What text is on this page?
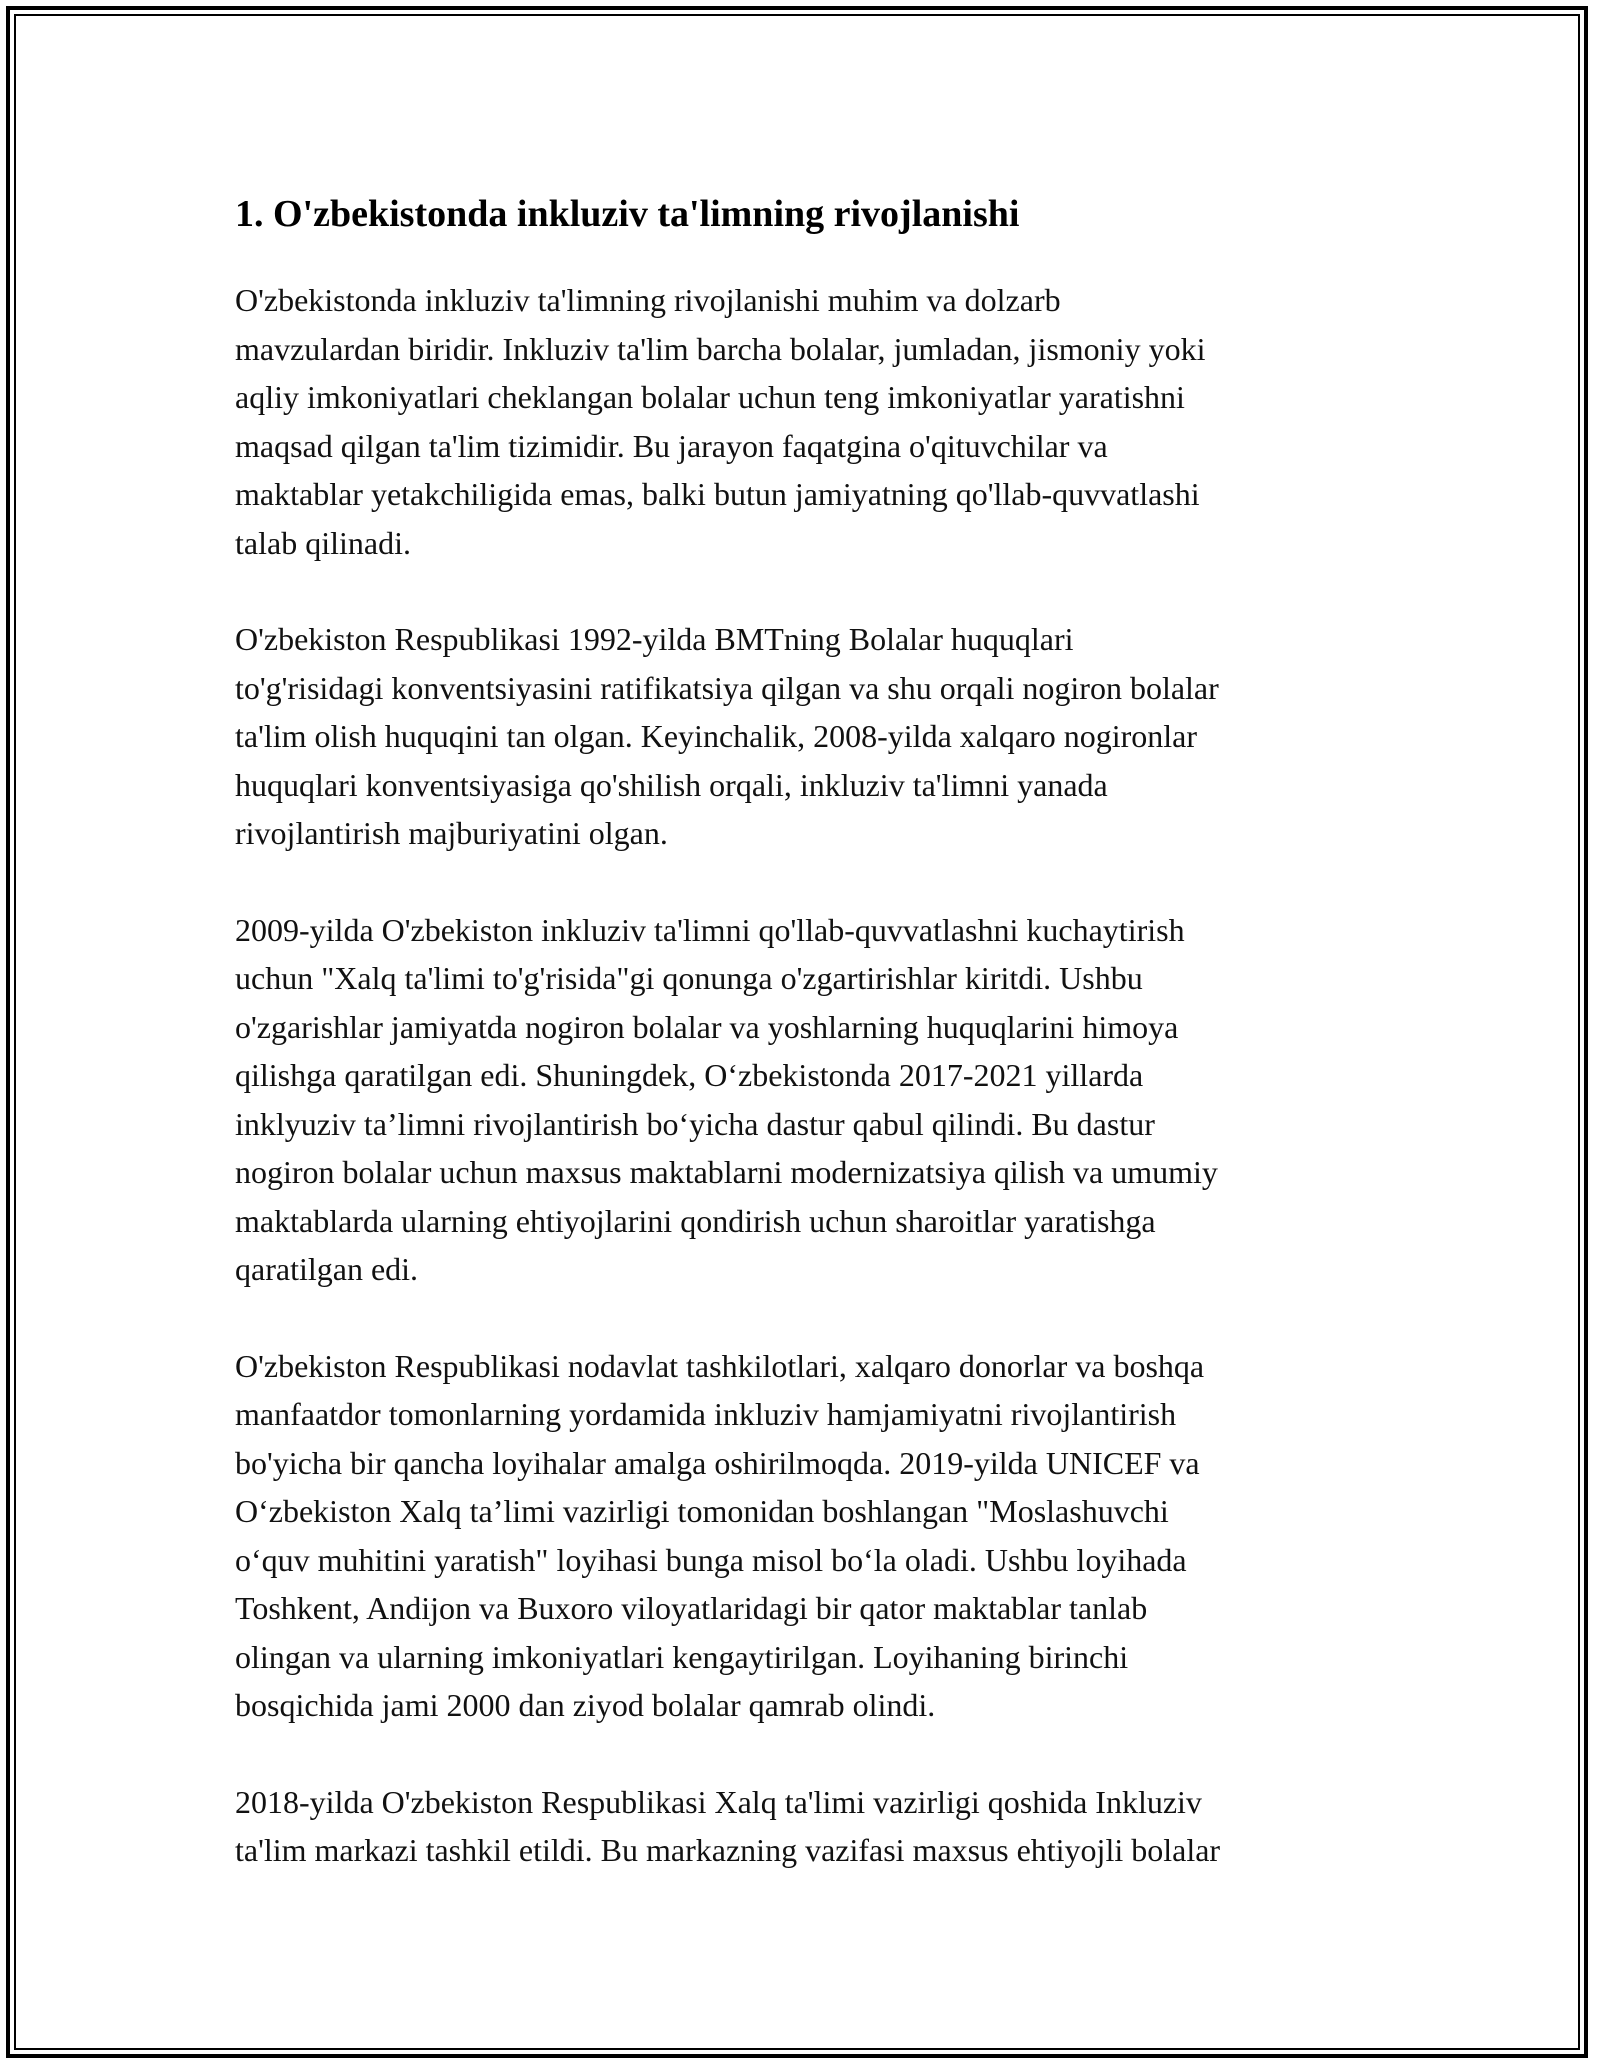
1. O'zbekistonda inkluziv ta'limning rivojlanishi

O'zbekistonda inkluziv ta'limning rivojlanishi muhim va dolzarb
mavzulardan biridir. Inkluziv ta'lim barcha bolalar, jumladan, jismoniy yoki
aqliy imkoniyatlari cheklangan bolalar uchun teng imkoniyatlar yaratishni
maqsad qilgan ta'lim tizimidir. Bu jarayon faqatgina o'qituvchilar va
maktablar yetakchiligida emas, balki butun jamiyatning qo'llab-quvvatlashi
talab qilinadi.

O'zbekiston Respublikasi 1992-yilda BMTning Bolalar huquqlari
to'g'risidagi konventsiyasini ratifikatsiya qilgan va shu orqali nogiron bolalar
ta'lim olish huquqini tan olgan. Keyinchalik, 2008-yilda xalqaro nogironlar
huquqlari konventsiyasiga qo'shilish orqali, inkluziv ta'limni yanada
rivojlantirish majburiyatini olgan.

2009-yilda O'zbekiston inkluziv ta'limni qo'llab-quvvatlashni kuchaytirish
uchun "Xalq ta'limi to'g'risida"gi qonunga o'zgartirishlar kiritdi. Ushbu
o'zgarishlar jamiyatda nogiron bolalar va yoshlarning huquqlarini himoya
qilishga qaratilgan edi. Shuningdek, O‘zbekistonda 2017-2021 yillarda
inklyuziv ta’limni rivojlantirish bo‘yicha dastur qabul qilindi. Bu dastur
nogiron bolalar uchun maxsus maktablarni modernizatsiya qilish va umumiy
maktablarda ularning ehtiyojlarini qondirish uchun sharoitlar yaratishga
qaratilgan edi.

O'zbekiston Respublikasi nodavlat tashkilotlari, xalqaro donorlar va boshqa
manfaatdor tomonlarning yordamida inkluziv hamjamiyatni rivojlantirish
bo'yicha bir qancha loyihalar amalga oshirilmoqda. 2019-yilda UNICEF va
O‘zbekiston Xalq ta’limi vazirligi tomonidan boshlangan "Moslashuvchi
o‘quv muhitini yaratish" loyihasi bunga misol bo‘la oladi. Ushbu loyihada
Toshkent, Andijon va Buxoro viloyatlaridagi bir qator maktablar tanlab
olingan va ularning imkoniyatlari kengaytirilgan. Loyihaning birinchi
bosqichida jami 2000 dan ziyod bolalar qamrab olindi.

2018-yilda O'zbekiston Respublikasi Xalq ta'limi vazirligi qoshida Inkluziv
ta'lim markazi tashkil etildi. Bu markazning vazifasi maxsus ehtiyojli bolalar
